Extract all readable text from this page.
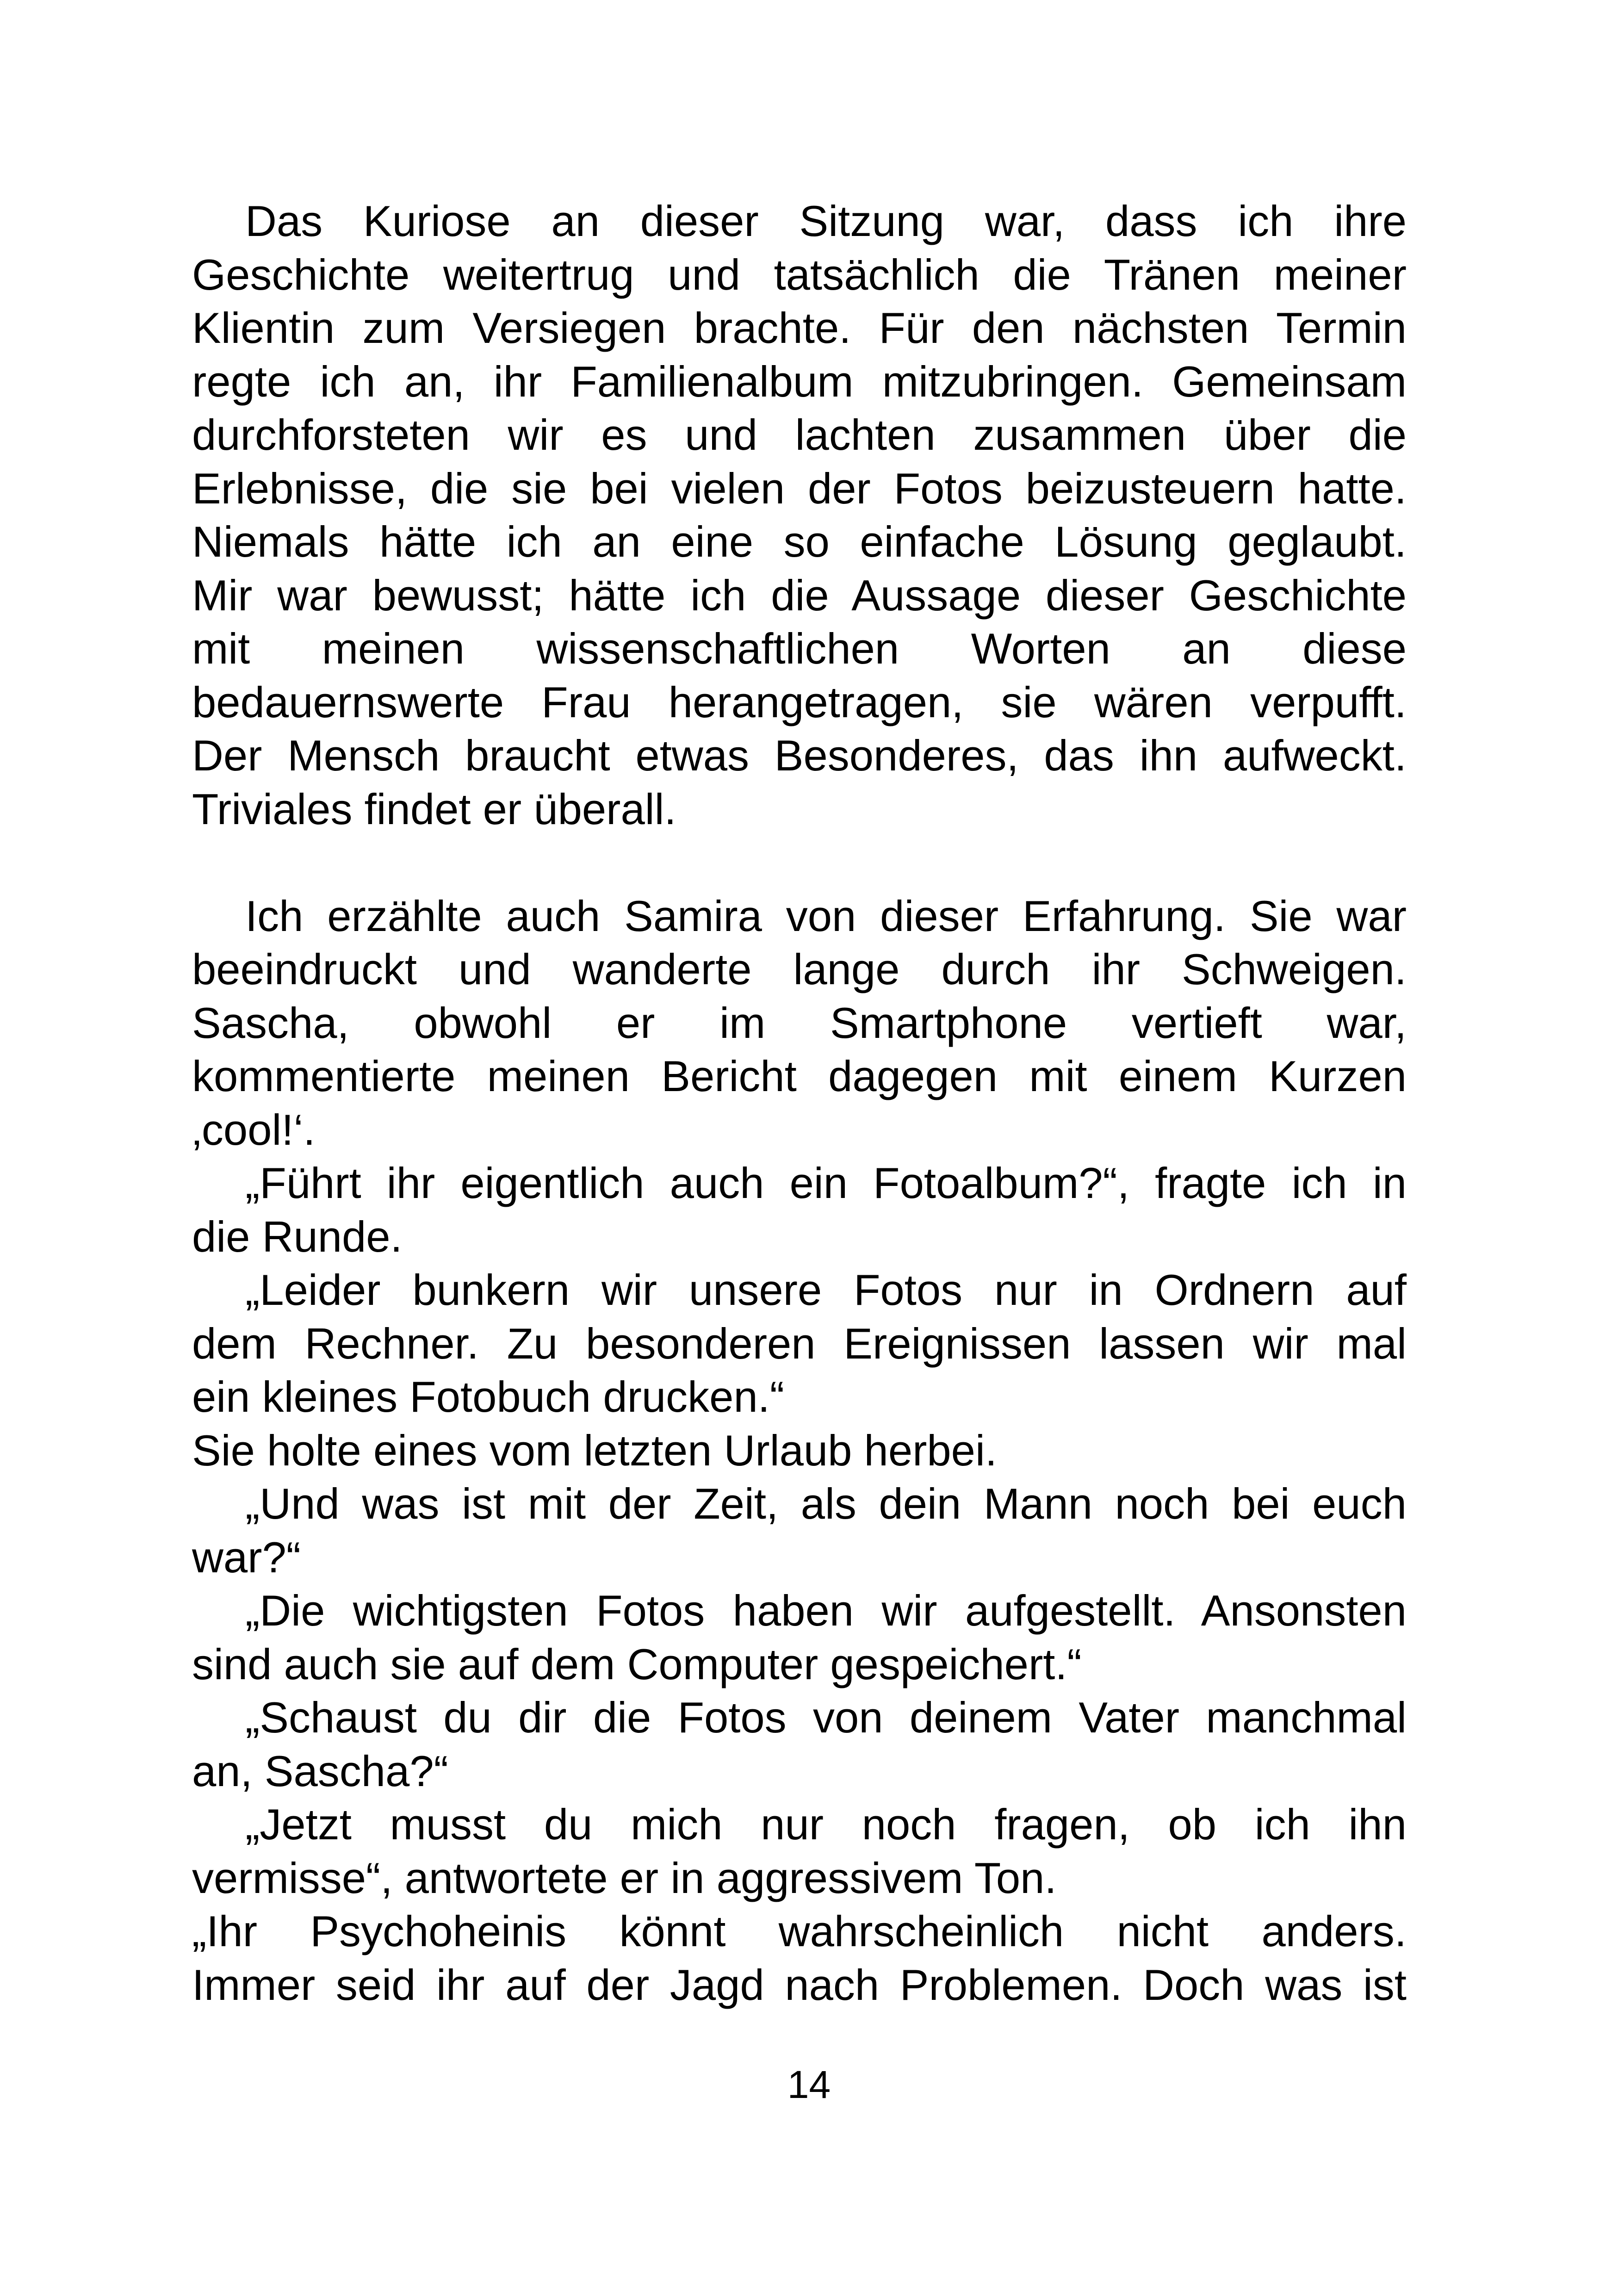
Das Kuriose an dieser Sitzung war, dass ich ihre

Geschichte weitertrug und tatsächlich die Tränen meiner

Klientin zum Versiegen brachte. Für den nächsten Termin

regte ich an, ihr Familienalbum mitzubringen. Gemeinsam

durchforsteten wir es und lachten zusammen über die

Erlebnisse, die sie bei vielen der Fotos beizusteuern hatte.

Niemals hätte ich an eine so einfache Lösung geglaubt.

Mir war bewusst; hätte ich die Aussage dieser Geschichte

mit meinen wissenschaftlichen Worten an diese

bedauernswerte Frau herangetragen, sie wären verpufft.

Der Mensch braucht etwas Besonderes, das ihn aufweckt.

Triviales findet er überall.

Ich erzählte auch Samira von dieser Erfahrung. Sie war

beeindruckt und wanderte lange durch ihr Schweigen.

Sascha, obwohl er im Smartphone vertieft war,

kommentierte meinen Bericht dagegen mit einem Kurzen

‚cool!‘.

„Führt ihr eigentlich auch ein Fotoalbum?“, fragte ich in

die Runde.

„Leider bunkern wir unsere Fotos nur in Ordnern auf

dem Rechner. Zu besonderen Ereignissen lassen wir mal

ein kleines Fotobuch drucken.“

Sie holte eines vom letzten Urlaub herbei.

„Und was ist mit der Zeit, als dein Mann noch bei euch

war?“

„Die wichtigsten Fotos haben wir aufgestellt. Ansonsten

sind auch sie auf dem Computer gespeichert.“

„Schaust du dir die Fotos von deinem Vater manchmal

an, Sascha?“

„Jetzt musst du mich nur noch fragen, ob ich ihn

vermisse“, antwortete er in aggressivem Ton.

„Ihr Psychoheinis könnt wahrscheinlich nicht anders.

Immer seid ihr auf der Jagd nach Problemen. Doch was ist

14
